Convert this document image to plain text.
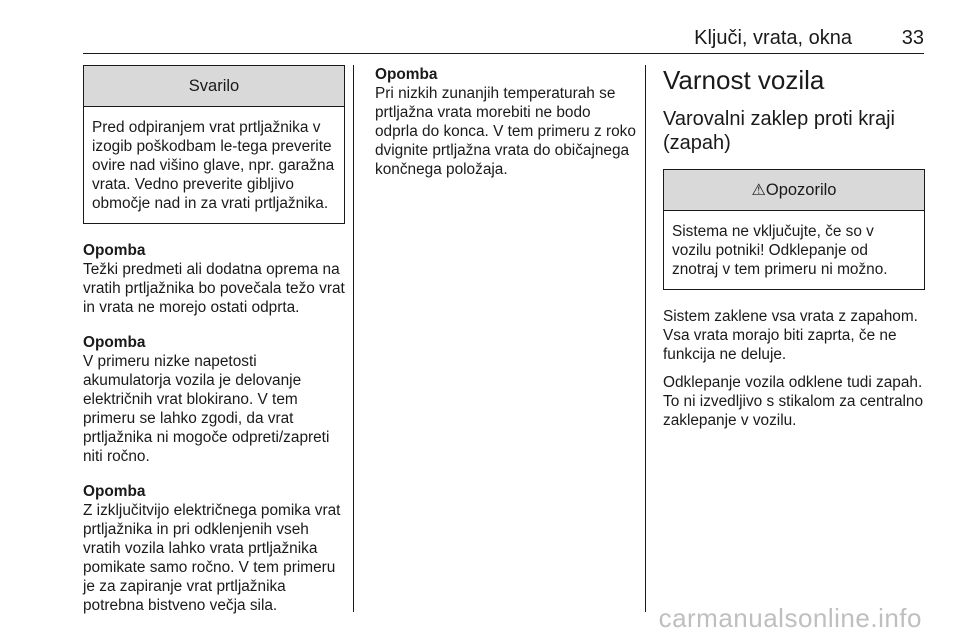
Ključi, vrata, okna 33
Svarilo
Pred odpiranjem vrat prtljažnika v izogib poškodbam le-tega preverite ovire nad višino glave, npr. garažna vrata. Vedno preverite gibljivo območje nad in za vrati prtljažnika.
Opomba
Težki predmeti ali dodatna oprema na vratih prtljažnika bo povečala težo vrat in vrata ne morejo ostati odprta.
Opomba
V primeru nizke napetosti akumulatorja vozila je delovanje električnih vrat blokirano. V tem primeru se lahko zgodi, da vrat prtljažnika ni mogoče odpreti/zapreti niti ročno.
Opomba
Z izključitvijo električnega pomika vrat prtljažnika in pri odklenjenih vseh vratih vozila lahko vrata prtljažnika pomikate samo ročno. V tem primeru je za zapiranje vrat prtljažnika potrebna bistveno večja sila.
Opomba
Pri nizkih zunanjih temperaturah se prtljažna vrata morebiti ne bodo odprla do konca. V tem primeru z roko dvignite prtljažna vrata do običajnega končnega položaja.
Varnost vozila
Varovalni zaklep proti kraji (zapah)
⚠Opozorilo
Sistema ne vključujte, če so v vozilu potniki! Odklepanje od znotraj v tem primeru ni možno.

Sistem zaklene vsa vrata z zapahom. Vsa vrata morajo biti zaprta, če ne funkcija ne deluje.

Odklepanje vozila odklene tudi zapah. To ni izvedljivo s stikalom za centralno zaklepanje v vozilu.

carmanualsonline.info
